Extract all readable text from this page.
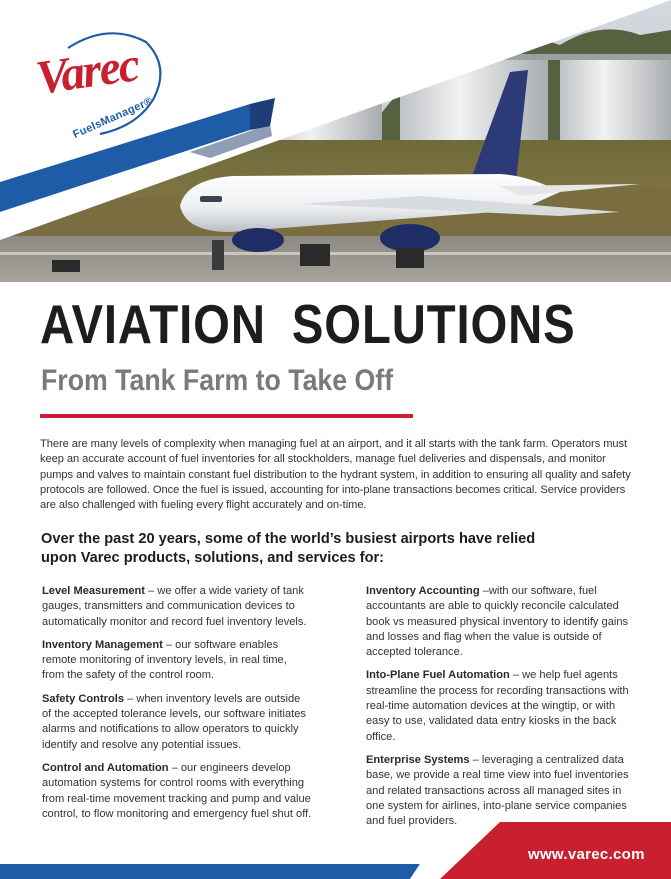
Varec
FuelsManager®
AVIATION SOLUTIONS
From Tank Farm to Take Off

There are many levels of complexity when managing fuel at an airport, and it all starts with the tank farm. Operators must keep an accurate account of fuel inventories for all stockholders, manage fuel deliveries and dispensals, and monitor pumps and valves to maintain constant fuel distribution to the hydrant system, in addition to ensuring all quality and safety protocols are followed. Once the fuel is issued, accounting for into-plane transactions becomes critical. Service providers are also challenged with fueling every flight accurately and on-time.

Over the past 20 years, some of the world’s busiest airports have relied upon Varec products, solutions, and services for:

Level Measurement – we offer a wide variety of tank gauges, transmitters and communication devices to automatically monitor and record fuel inventory levels.

Inventory Management – our software enables remote monitoring of inventory levels, in real time, from the safety of the control room.

Safety Controls – when inventory levels are outside of the accepted tolerance levels, our software initiates alarms and notifications to allow operators to quickly identify and resolve any potential issues.

Control and Automation – our engineers develop automation systems for control rooms with everything from real-time movement tracking and pump and value control, to flow monitoring and emergency fuel shut off.

Inventory Accounting –with our software, fuel accountants are able to quickly reconcile calculated book vs measured physical inventory to identify gains and losses and flag when the value is outside of accepted tolerance.

Into-Plane Fuel Automation – we help fuel agents streamline the process for recording transactions with real-time automation devices at the wingtip, or with easy to use, validated data entry kiosks in the back office.

Enterprise Systems – leveraging a centralized data base, we provide a real time view into fuel inventories and related transactions across all managed sites in one system for airlines, into-plane service companies and fuel providers.

www.varec.com
